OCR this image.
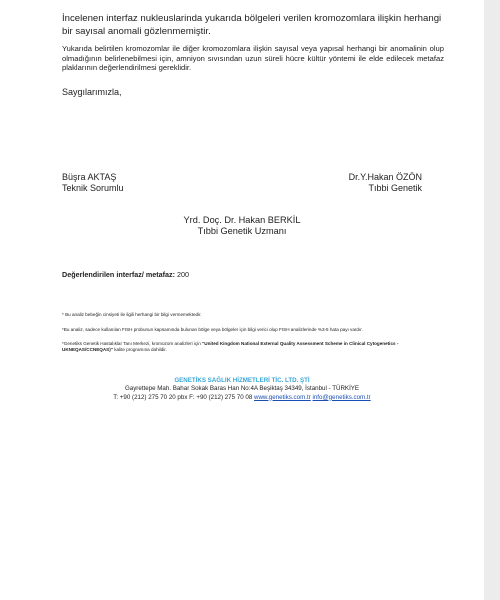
İncelenen interfaz nukleuslarinda yukarıda bölgeleri verilen kromozomlara ilişkin herhangi bir sayısal anomali gözlenmemiştir.
Yukarıda belirtilen kromozomlar ile diğer kromozomlara ilişkin sayısal veya yapısal herhangi bir anomalinin olup olmadığının belirlenebilmesi için, amniyon sıvısından uzun süreli hücre kültür yöntemi ile elde edilecek metafaz plaklarının değerlendirilmesi gereklidir.
Saygılarımızla,
Büşra AKTAŞ
Teknik Sorumlu
Dr.Y.Hakan ÖZÖN
Tıbbi Genetik
Yrd. Doç. Dr. Hakan BERKİL
Tıbbi Genetik Uzmanı
Değerlendirilen interfaz/ metafaz: 200
* Bu analiz bebeğin cinsiyeti ile ilgili herhangi bir bilgi vermemektedir.
*Bu analiz, sadece kullanılan FISH probunun kapsamında bulunan bölge veya bölgeler için bilgi verici olup FISH analizlerinde %3-5 hata payı vardır.
*Genetiks Genetik Hastalıklar Tanı Merkezi, kromozom analizleri için "United Kingdom National External Quality Assessment Scheme in Clinical Cytogenetics - UKNEQAS/CCNEQAS)" kalite programına dahildir.
GENETİKS SAĞLIK HİZMETLERİ TİC. LTD. ŞTİ
Gayrettepe Mah. Bahar Sokak Baras Han No:4A Beşiktaş 34349, İstanbul - TÜRKİYE
T: +90 (212) 275 70 20 pbx F: +90 (212) 275 70 08 www.genetiks.com.tr info@genetiks.com.tr
